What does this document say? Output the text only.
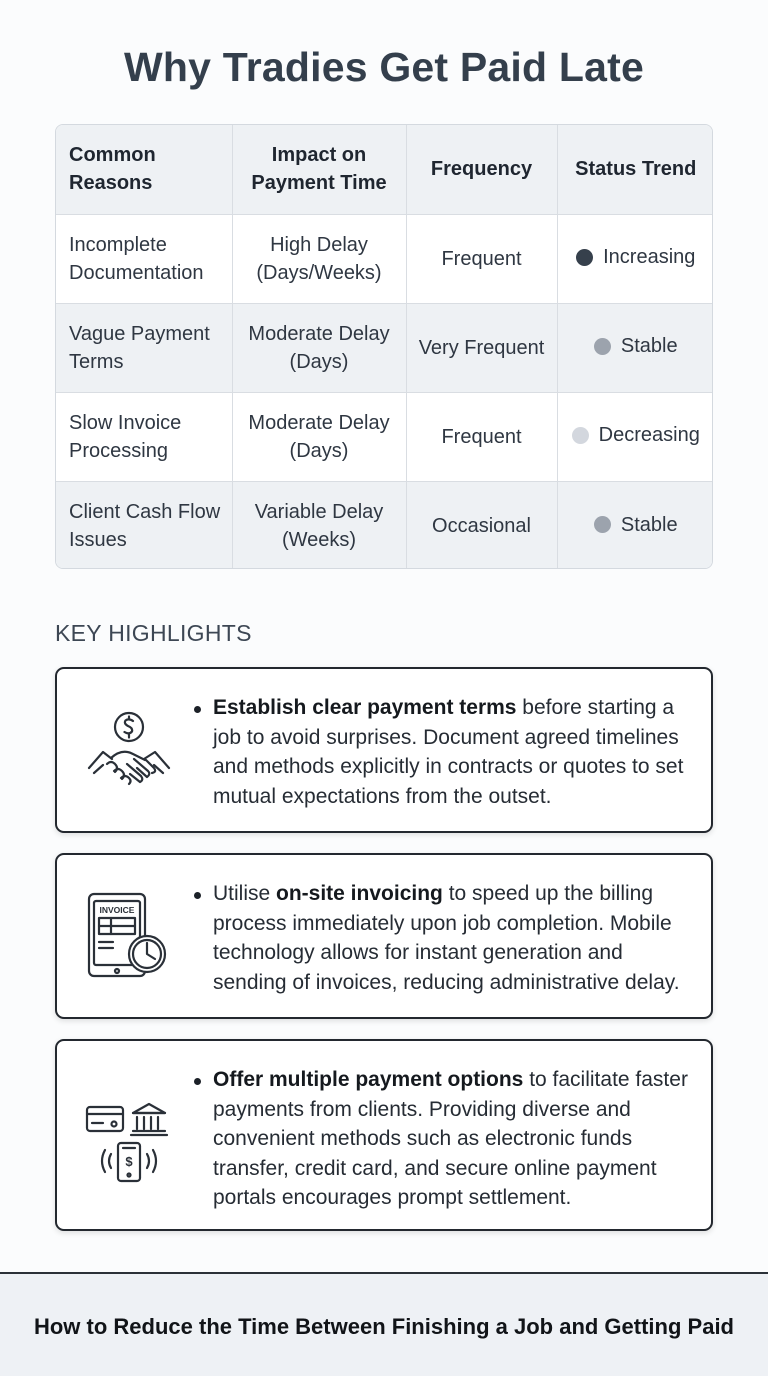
Why Tradies Get Paid Late
Common Reasons	Impact on Payment Time	Frequency	Status Trend
Incomplete Documentation	High Delay (Days/Weeks)	Frequent	Increasing

Vague Payment Terms	Moderate Delay (Days)	Very Frequent	Stable

Slow Invoice Processing	Moderate Delay (Days)	Frequent	Decreasing

Client Cash Flow Issues	Variable Delay (Weeks)	Occasional	Stable
KEY HIGHLIGHTS
Establish clear payment terms before starting a job to avoid surprises. Document agreed timelines and methods explicitly in contracts or quotes to set mutual expectations from the outset.
INVOICE
Utilise on-site invoicing to speed up the billing process immediately upon job completion. Mobile technology allows for instant generation and sending of invoices, reducing administrative delay.
$
Offer multiple payment options to facilitate faster payments from clients. Providing diverse and convenient methods such as electronic funds transfer, credit card, and secure online payment portals encourages prompt settlement.
How to Reduce the Time Between Finishing a Job and Getting Paid
